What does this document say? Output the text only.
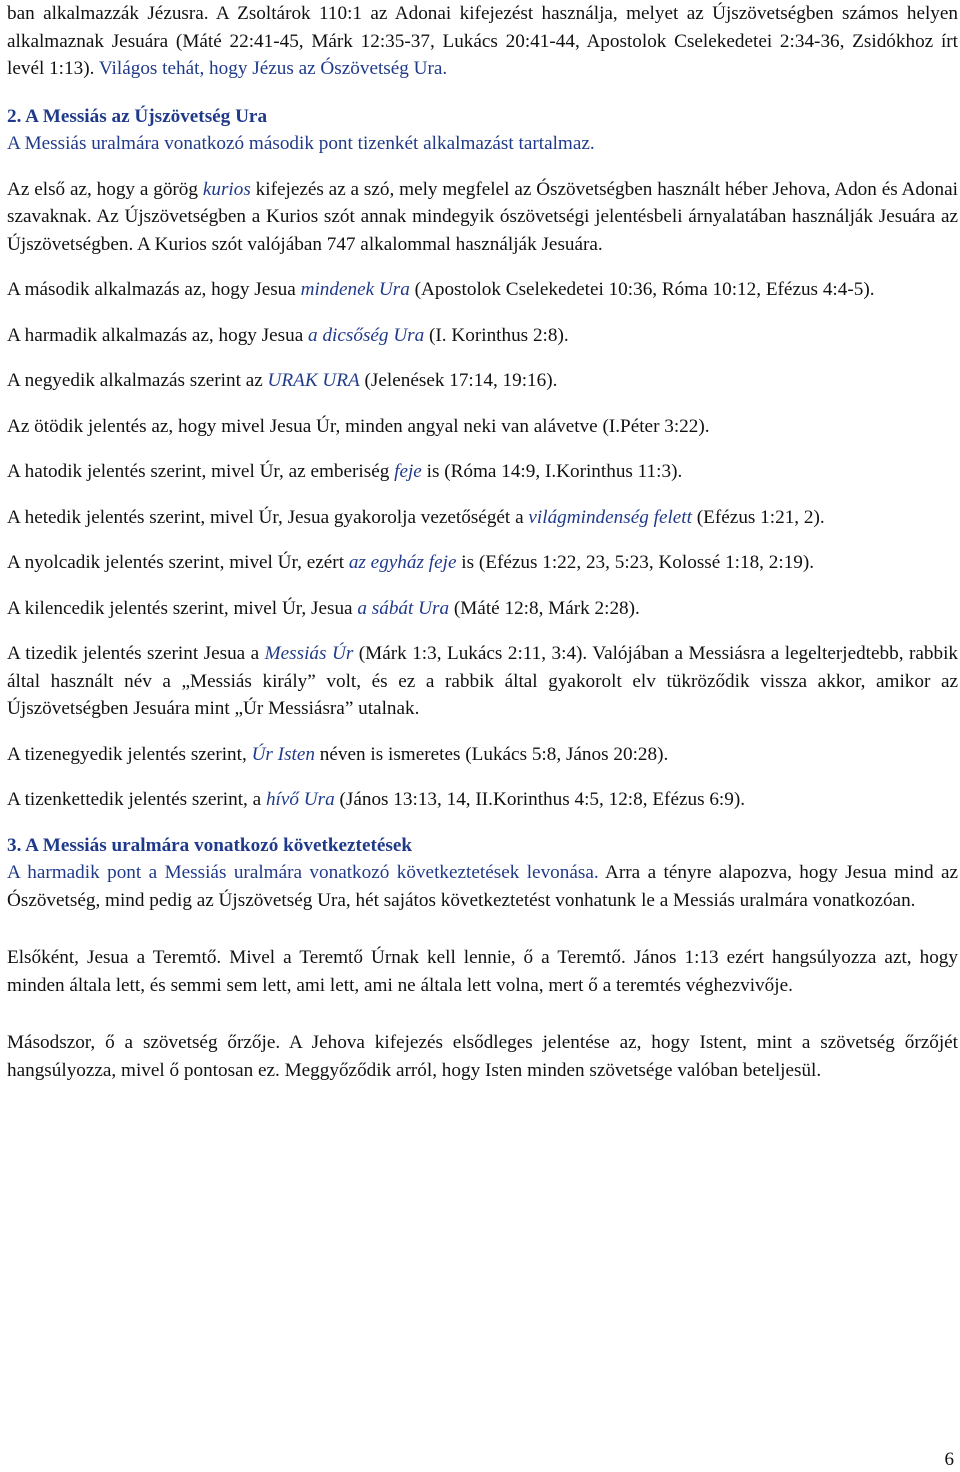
ban alkalmazzák Jézusra. A Zsoltárok 110:1 az Adonai kifejezést használja, melyet az Újszövetségben számos helyen alkalmaznak Jesuára (Máté 22:41-45, Márk 12:35-37, Lukács 20:41-44, Apostolok Cselekedetei 2:34-36, Zsidókhoz írt levél 1:13). Világos tehát, hogy Jézus az Ószövetség Ura.

2. A Messiás az Újszövetség Ura

A Messiás uralmára vonatkozó második pont tizenkét alkalmazást tartalmaz.

Az első az, hogy a görög kurios kifejezés az a szó, mely megfelel az Ószövetségben használt héber Jehova, Adon és Adonai szavaknak. Az Újszövetségben a Kurios szót annak mindegyik ószövetségi jelentésbeli árnyalatában használják Jesuára az Újszövetségben. A Kurios szót valójában 747 alkalommal használják Jesuára.

A második alkalmazás az, hogy Jesua mindenek Ura (Apostolok Cselekedetei 10:36, Róma 10:12, Efézus 4:4-5).

A harmadik alkalmazás az, hogy Jesua a dicsőség Ura (I. Korinthus 2:8).

A negyedik alkalmazás szerint az URAK URA (Jelenések 17:14, 19:16).

Az ötödik jelentés az, hogy mivel Jesua Úr, minden angyal neki van alávetve (I.Péter 3:22).

A hatodik jelentés szerint, mivel Úr, az emberiség feje is (Róma 14:9, I.Korinthus 11:3).

A hetedik jelentés szerint, mivel Úr, Jesua gyakorolja vezetőségét a világmindenség felett (Efézus 1:21, 2).

A nyolcadik jelentés szerint, mivel Úr, ezért az egyház feje is (Efézus 1:22, 23, 5:23, Kolossé 1:18, 2:19).

A kilencedik jelentés szerint, mivel Úr, Jesua a sábát Ura (Máté 12:8, Márk 2:28).

A tizedik jelentés szerint Jesua a Messiás Úr (Márk 1:3, Lukács 2:11, 3:4). Valójában a Messiásra a legelterjedtebb, rabbik által használt név a „Messiás király” volt, és ez a rabbik által gyakorolt elv tükröződik vissza akkor, amikor az Újszövetségben Jesuára mint „Úr Messiásra” utalnak.

A tizenegyedik jelentés szerint, Úr Isten néven is ismeretes (Lukács 5:8, János 20:28).

A tizenkettedik jelentés szerint, a hívő Ura (János 13:13, 14, II.Korinthus 4:5, 12:8, Efézus 6:9).

3. A Messiás uralmára vonatkozó következtetések

A harmadik pont a Messiás uralmára vonatkozó következtetések levonása. Arra a tényre alapozva, hogy Jesua mind az Ószövetség, mind pedig az Újszövetség Ura, hét sajátos következtetést vonhatunk le a Messiás uralmára vonatkozóan.

Elsőként, Jesua a Teremtő. Mivel a Teremtő Úrnak kell lennie, ő a Teremtő. János 1:13 ezért hangsúlyozza azt, hogy minden általa lett, és semmi sem lett, ami lett, ami ne általa lett volna, mert ő a teremtés véghezvivője.

Másodszor, ő a szövetség őrzője. A Jehova kifejezés elsődleges jelentése az, hogy Istent, mint a szövetség őrzőjét hangsúlyozza, mivel ő pontosan ez. Meggyőződik arról, hogy Isten minden szövetsége valóban beteljesül.

6
